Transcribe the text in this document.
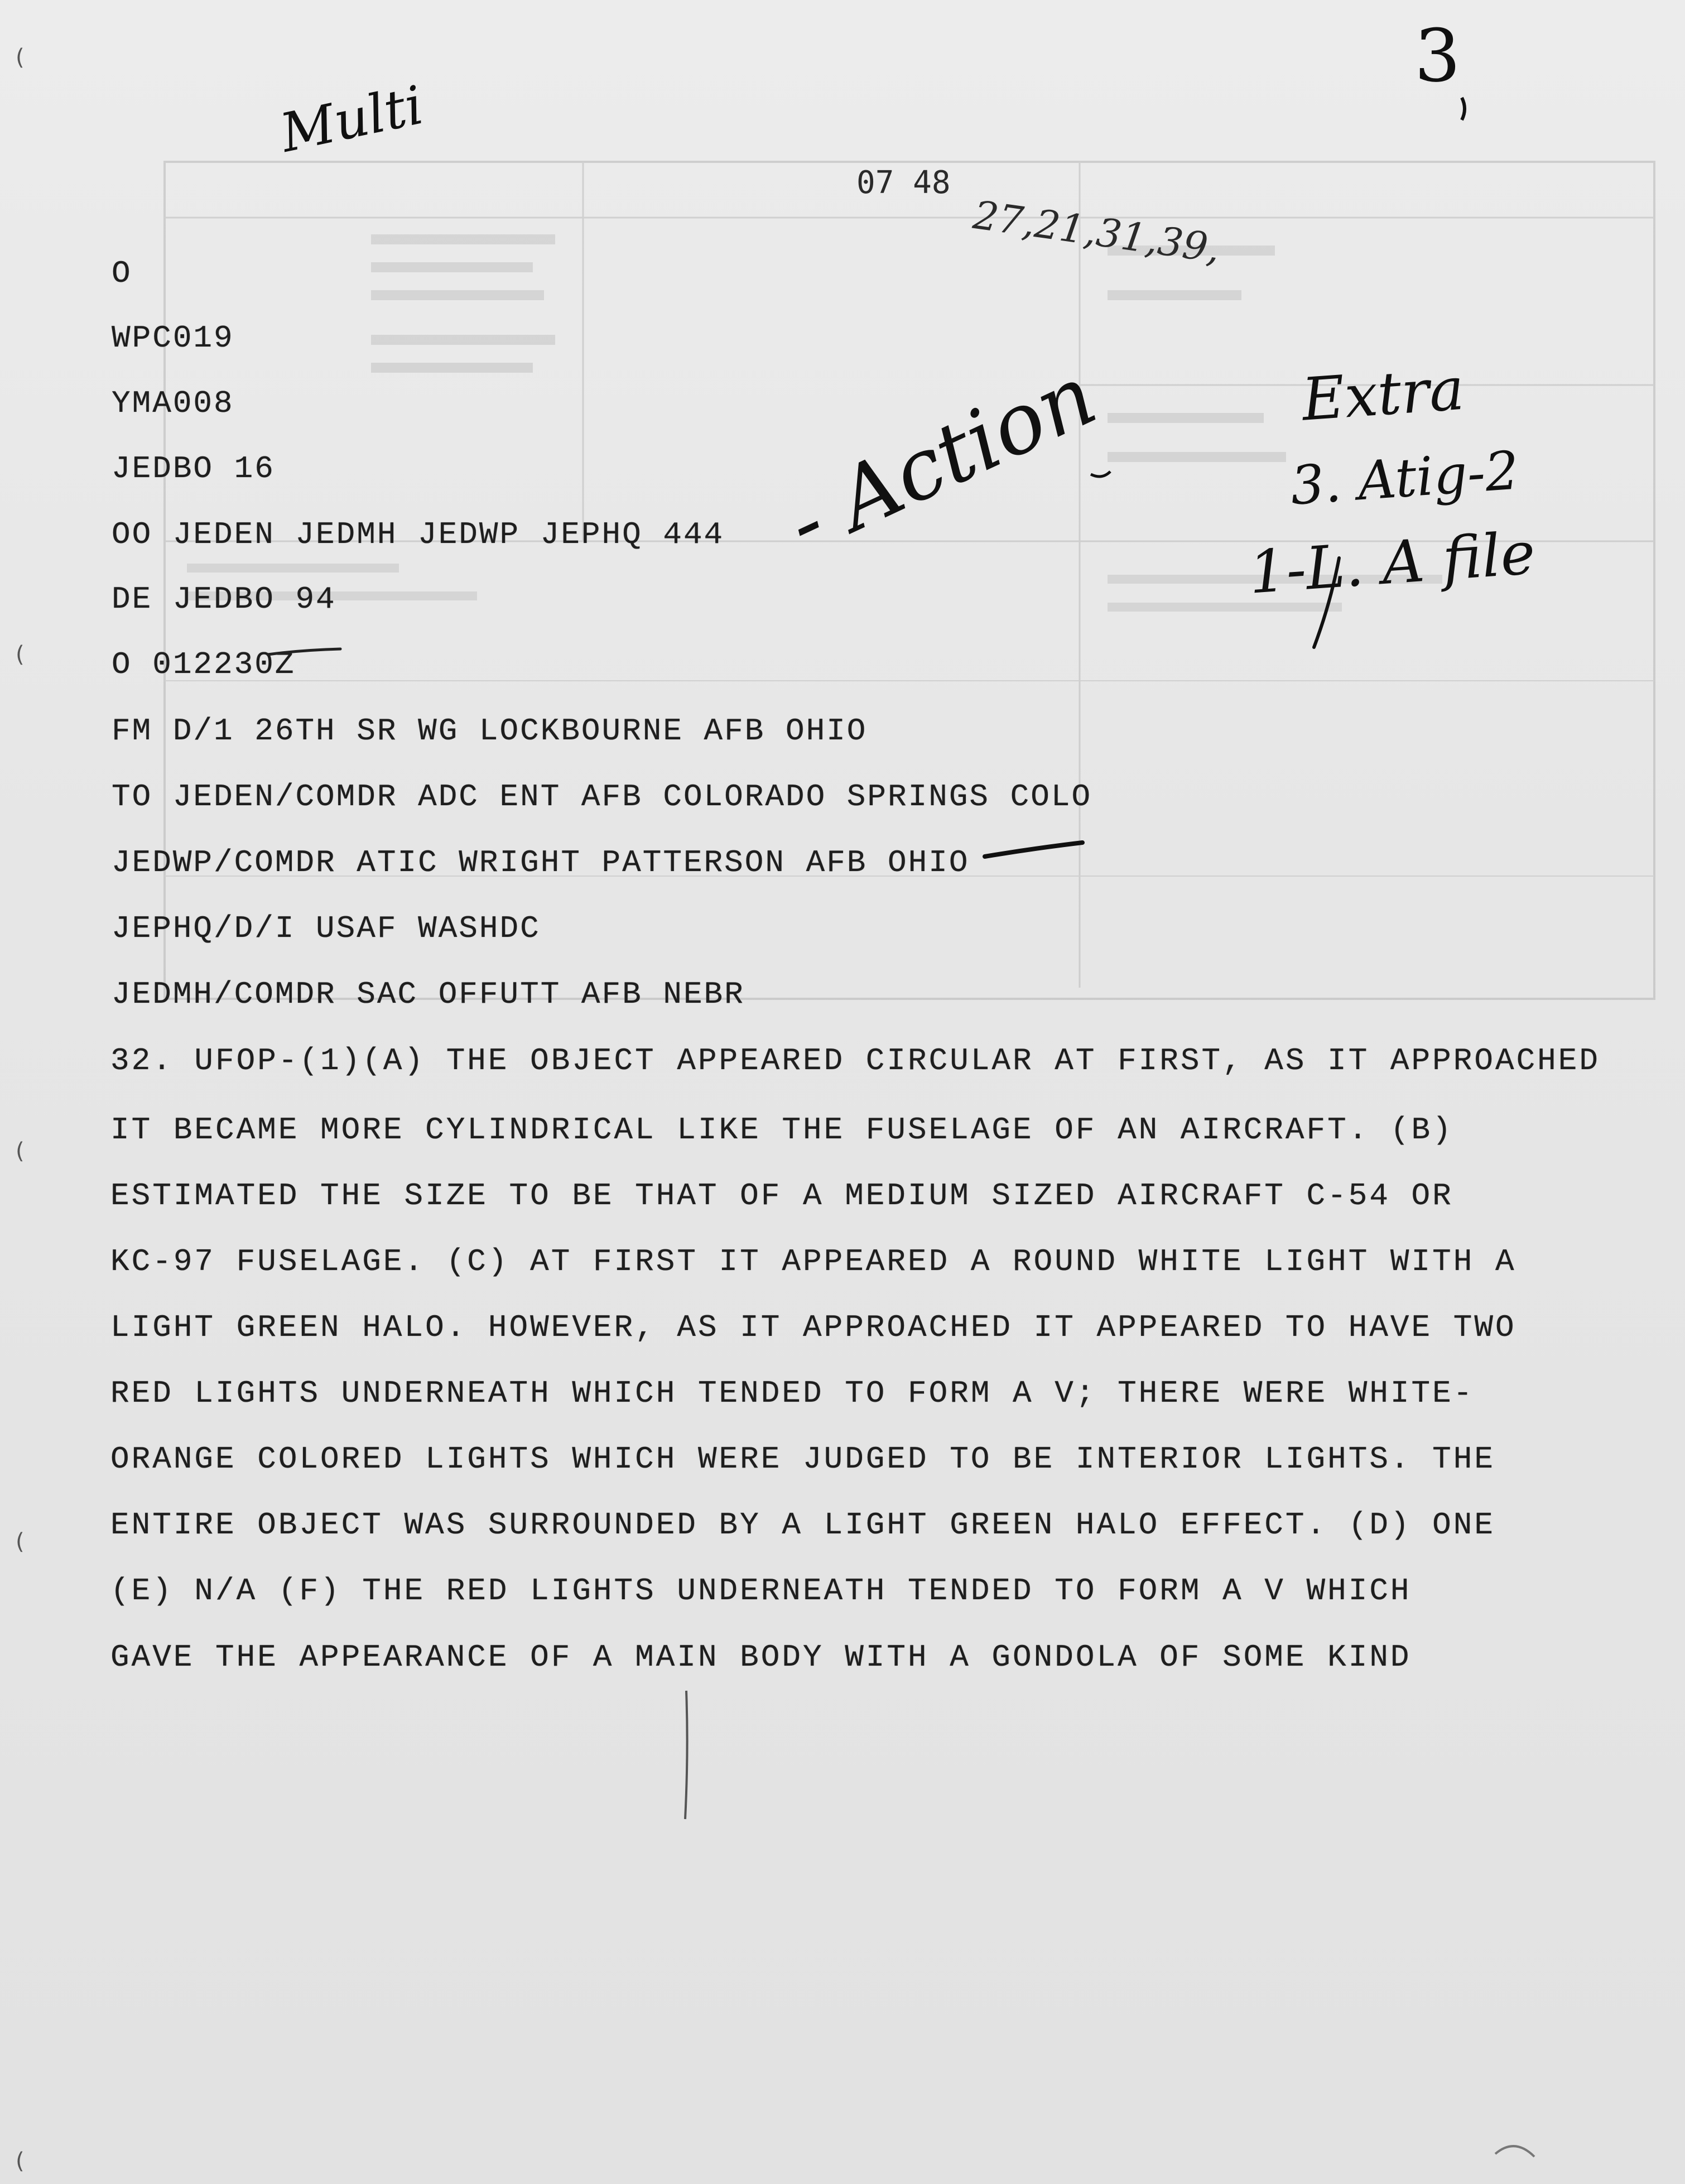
O
WPC019
YMA008
JEDBO 16
OO JEDEN JEDMH JEDWP JEPHQ 444
DE JEDBO 94
O 012230Z
FM D/1 26TH SR WG LOCKBOURNE AFB OHIO
TO JEDEN/COMDR ADC ENT AFB COLORADO SPRINGS COLO
JEDWP/COMDR ATIC WRIGHT PATTERSON AFB OHIO
JEPHQ/D/I USAF WASHDC
JEDMH/COMDR SAC OFFUTT AFB NEBR
32. UFOP-(1)(A) THE OBJECT APPEARED CIRCULAR AT FIRST, AS IT APPROACHED
IT BECAME MORE CYLINDRICAL LIKE THE FUSELAGE OF AN AIRCRAFT. (B)
ESTIMATED THE SIZE TO BE THAT OF A MEDIUM SIZED AIRCRAFT C-54 OR
KC-97 FUSELAGE. (C) AT FIRST IT APPEARED A ROUND WHITE LIGHT WITH A
LIGHT GREEN HALO. HOWEVER, AS IT APPROACHED IT APPEARED TO HAVE TWO
RED LIGHTS UNDERNEATH WHICH TENDED TO FORM A V; THERE WERE WHITE-
ORANGE COLORED LIGHTS WHICH WERE JUDGED TO BE INTERIOR LIGHTS. THE
ENTIRE OBJECT WAS SURROUNDED BY A LIGHT GREEN HALO EFFECT. (D) ONE
(E) N/A (F) THE RED LIGHTS UNDERNEATH TENDED TO FORM A V WHICH
GAVE THE APPEARANCE OF A MAIN BODY WITH A GONDOLA OF SOME KIND
07 48
27,21,31,39,
3
Multi
- Action	Extra
3. Atig-2
1-L. A file
(
(
(
(
(
